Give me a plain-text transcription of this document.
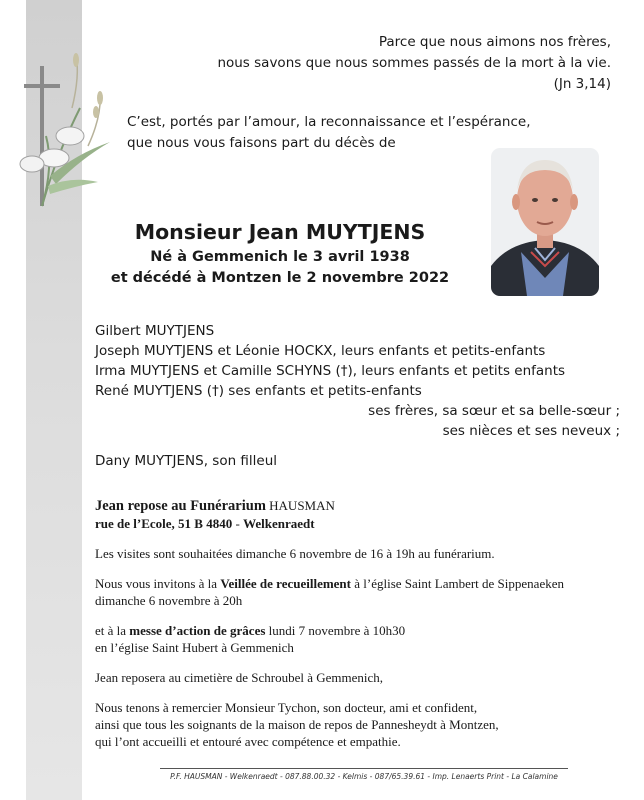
Parce que nous aimons nos frères,
nous savons que nous sommes passés de la mort à la vie.
(Jn 3,14)
C’est, portés par l’amour, la reconnaissance et l’espérance,
que nous vous faisons part du décès de
Monsieur Jean MUYTJENS
Né à Gemmenich le 3 avril 1938
et décédé à Montzen le 2 novembre 2022
Gilbert MUYTJENS
Joseph MUYTJENS et Léonie HOCKX, leurs enfants et petits-enfants
Irma MUYTJENS et Camille SCHYNS (†), leurs enfants et petits enfants
René MUYTJENS (†) ses enfants et petits-enfants
ses frères, sa sœur et sa belle-sœur ;
ses nièces et ses neveux ;
Dany MUYTJENS, son filleul
Jean repose au Funérarium HAUSMAN
rue de l’Ecole, 51 B 4840 - Welkenraedt
Les visites sont souhaitées dimanche 6 novembre de 16 à 19h au funérarium.
Nous vous invitons à la Veillée de recueillement à l’église Saint Lambert de Sippenaeken
dimanche 6 novembre à 20h
et à la messe d’action de grâces lundi 7 novembre à 10h30
en l’église Saint Hubert à Gemmenich
Jean reposera au cimetière de Schroubel à Gemmenich,
Nous tenons à remercier Monsieur Tychon, son docteur, ami et confident,
ainsi que tous les soignants de la maison de repos de Pannesheydt à Montzen,
qui l’ont accueilli et entouré avec compétence et empathie.
P.F. HAUSMAN - Welkenraedt - 087.88.00.32 - Kelmis - 087/65.39.61 - Imp. Lenaerts Print - La Calamine
